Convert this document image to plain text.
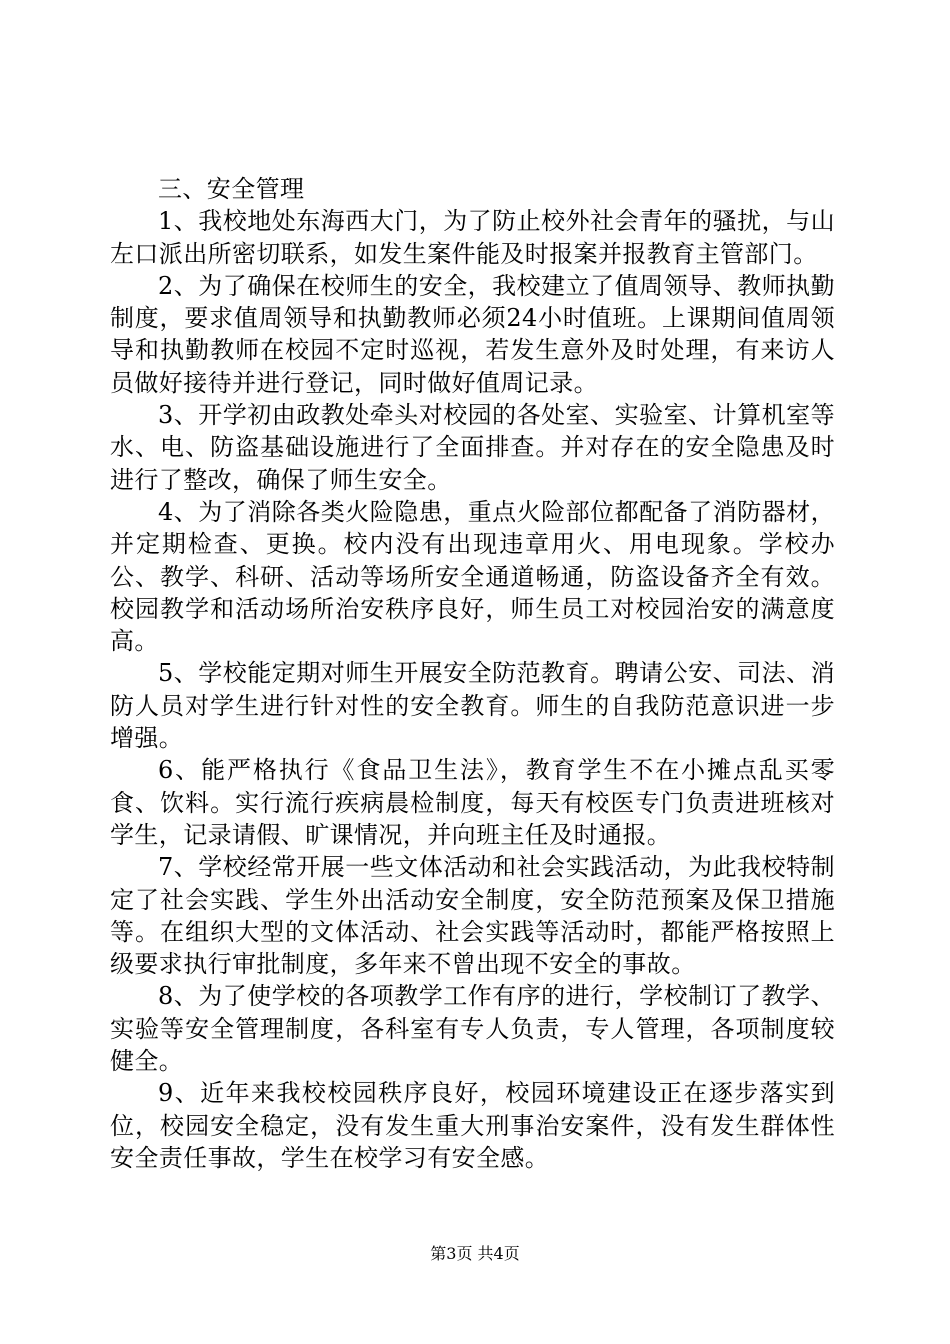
三、安全管理

1、我校地处东海西大门，为了防止校外社会青年的骚扰，与山左口派出所密切联系，如发生案件能及时报案并报教育主管部门。

2、为了确保在校师生的安全，我校建立了值周领导、教师执勤制度，要求值周领导和执勤教师必须24小时值班。上课期间值周领导和执勤教师在校园不定时巡视，若发生意外及时处理，有来访人员做好接待并进行登记，同时做好值周记录。

3、开学初由政教处牵头对校园的各处室、实验室、计算机室等水、电、防盗基础设施进行了全面排查。并对存在的安全隐患及时进行了整改，确保了师生安全。

4、为了消除各类火险隐患，重点火险部位都配备了消防器材，并定期检查、更换。校内没有出现违章用火、用电现象。学校办公、教学、科研、活动等场所安全通道畅通，防盗设备齐全有效。校园教学和活动场所治安秩序良好，师生员工对校园治安的满意度高。

5、学校能定期对师生开展安全防范教育。聘请公安、司法、消防人员对学生进行针对性的安全教育。师生的自我防范意识进一步增强。

6、能严格执行《食品卫生法》，教育学生不在小摊点乱买零食、饮料。实行流行疾病晨检制度，每天有校医专门负责进班核对学生，记录请假、旷课情况，并向班主任及时通报。

7、学校经常开展一些文体活动和社会实践活动，为此我校特制定了社会实践、学生外出活动安全制度，安全防范预案及保卫措施等。在组织大型的文体活动、社会实践等活动时，都能严格按照上级要求执行审批制度，多年来不曾出现不安全的事故。

8、为了使学校的各项教学工作有序的进行，学校制订了教学、实验等安全管理制度，各科室有专人负责，专人管理，各项制度较健全。

9、近年来我校校园秩序良好，校园环境建设正在逐步落实到位，校园安全稳定，没有发生重大刑事治安案件，没有发生群体性安全责任事故，学生在校学习有安全感。

第3页 共4页
